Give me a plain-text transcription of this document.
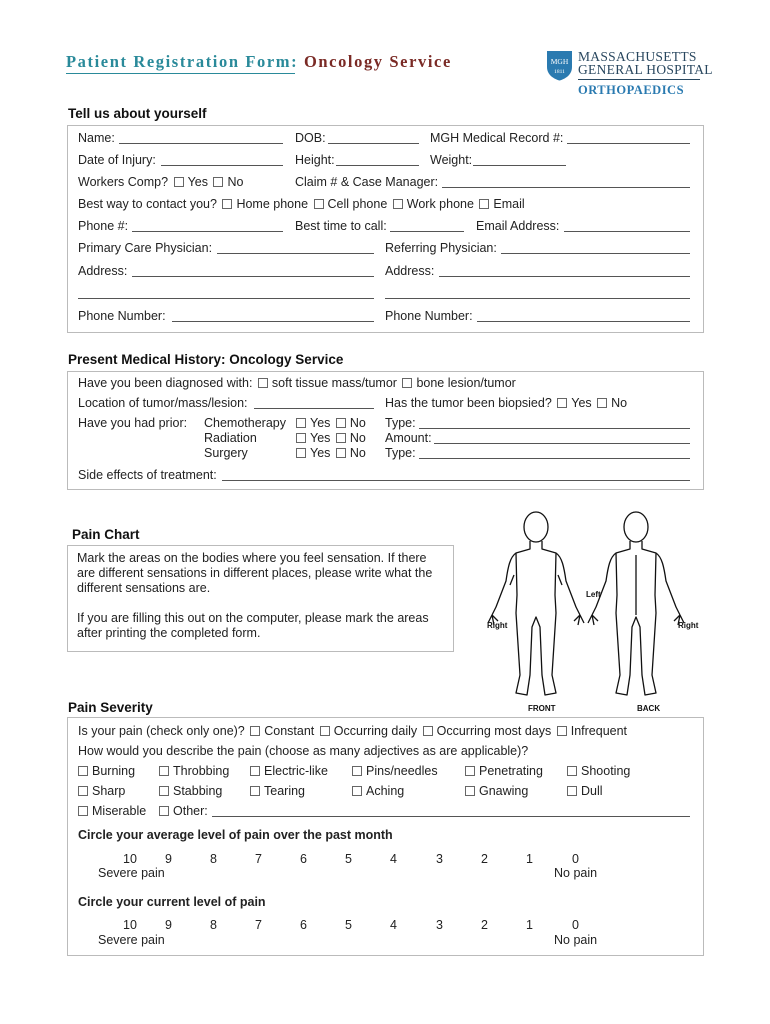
Patient Registration Form: Oncology Service	MGH
1811
MASSACHUSETTS
GENERAL HOSPITAL
ORTHOPAEDICS
Tell us about yourself
Name:	DOB:	MGH Medical Record #:
Date of Injury:	Height:	Weight:
Workers Comp? Yes No	Claim # & Case Manager:
Best way to contact you? Home phone Cell phone Work phone Email
Phone #:	Best time to call:	Email Address:
Primary Care Physician:	Referring Physician:
Address:	Address:
Phone Number:	Phone Number:
Present Medical History: Oncology Service
Have you been diagnosed with: soft tissue mass/tumor bone lesion/tumor
Location of tumor/mass/lesion:	Has the tumor been biopsied? Yes No
Have you had prior: Chemotherapy	Yes No Type:
Radiation	Yes No Amount:
Surgery	Yes No Type:
Side effects of treatment:
Pain Chart
Mark the areas on the bodies where you feel sensation. If there
are different sensations in different places, please write what the
different sensations are.
If you are filling this out on the computer, please mark the areas
after printing the completed form.
Right
Left
Right
FRONT	BACK
Pain Severity
Is your pain (check only one)? Constant Occurring daily Occurring most days Infrequent
How would you describe the pain (choose as many adjectives as are applicable)?
Burning	Throbbing	Electric-like	Pins/needles	Penetrating	Shooting
Sharp	Stabbing	Tearing	Aching	Gnawing	Dull
Miserable	Other:
Circle your average level of pain over the past month
10 9	8	7	6	5	4	3	2	1	0
Severe pain	No pain
Circle your current level of pain
10 9	8	7	6	5	4	3	2	1	0
Severe pain	No pain
